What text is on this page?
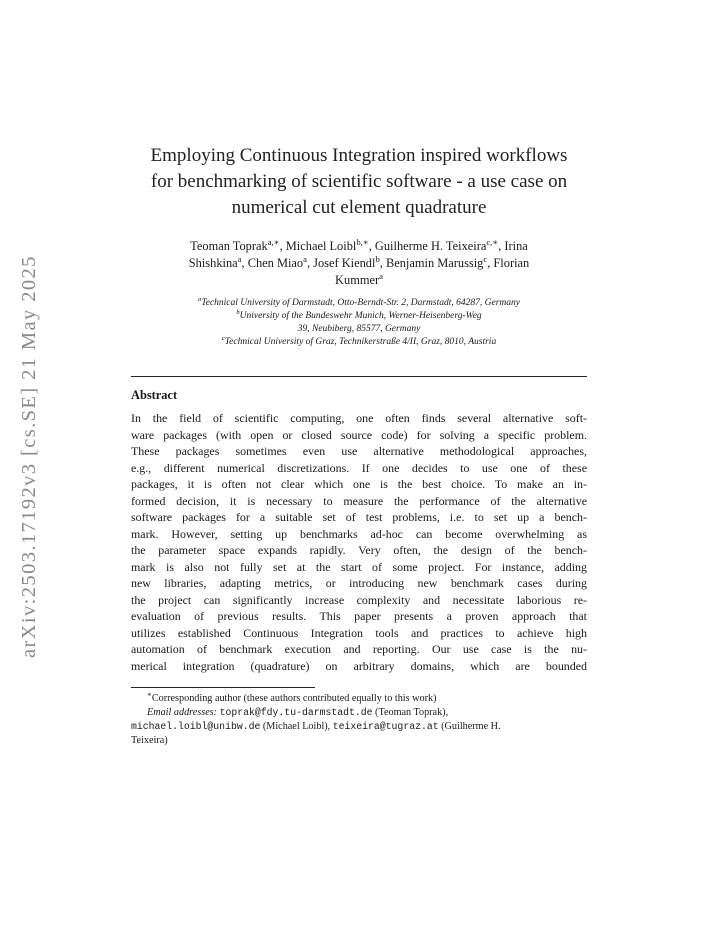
arXiv:2503.17192v3 [cs.SE] 21 May 2025
Employing Continuous Integration inspired workflows
for benchmarking of scientific software - a use case on
numerical cut element quadrature
Teoman Toprak$^{a,∗}$, Michael Loibl$^{b,∗}$, Guilherme H. Teixeira$^{c,∗}$, Irina
Shishkina$^a$, Chen Miao$^a$, Josef Kiendl$^b$, Benjamin Marussig$^c$, Florian
Kummer$^a$
$^a$Technical University of Darmstadt, Otto-Berndt-Str. 2, Darmstadt, 64287, Germany
$^b$University of the Bundeswehr Munich, Werner-Heisenberg-Weg
39, Neubiberg, 85577, Germany
$^c$Technical University of Graz, Technikerstraße 4/II, Graz, 8010, Austria
Abstract
In the field of scientific computing, one often finds several alternative soft-
ware packages (with open or closed source code) for solving a specific problem.
These packages sometimes even use alternative methodological approaches,
e.g., different numerical discretizations. If one decides to use one of these
packages, it is often not clear which one is the best choice. To make an in-
formed decision, it is necessary to measure the performance of the alternative
software packages for a suitable set of test problems, i.e. to set up a bench-
mark. However, setting up benchmarks ad-hoc can become overwhelming as
the parameter space expands rapidly. Very often, the design of the bench-
mark is also not fully set at the start of some project. For instance, adding
new libraries, adapting metrics, or introducing new benchmark cases during
the project can significantly increase complexity and necessitate laborious re-
evaluation of previous results. This paper presents a proven approach that
utilizes established Continuous Integration tools and practices to achieve high
automation of benchmark execution and reporting. Our use case is the nu-
merical integration (quadrature) on arbitrary domains, which are bounded
∗Corresponding author (these authors contributed equally to this work)
Email addresses: toprak@fdy.tu-darmstadt.de (Teoman Toprak),
michael.loibl@unibw.de (Michael Loibl), teixeira@tugraz.at (Guilherme H.
Teixeira)
